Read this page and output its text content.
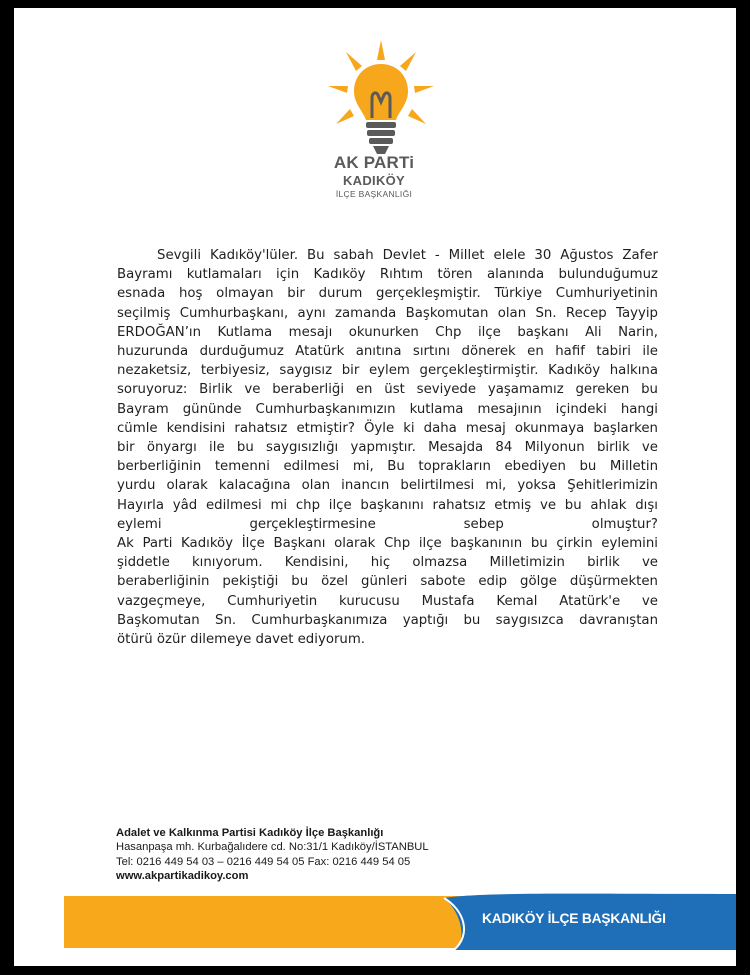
AK PARTi
KADIKÖY
İLÇE BAŞKANLIĞI
Sevgili Kadıköy'lüler. Bu sabah Devlet - Millet elele 30 Ağustos Zafer
Bayramı kutlamaları için Kadıköy Rıhtım tören alanında bulunduğumuz
esnada hoş olmayan bir durum gerçekleşmiştir. Türkiye Cumhuriyetinin
seçilmiş Cumhurbaşkanı, aynı zamanda Başkomutan olan Sn. Recep Tayyip
ERDOĞAN’ın Kutlama mesajı okunurken Chp ilçe başkanı Ali Narin,
huzurunda durduğumuz Atatürk anıtına sırtını dönerek en hafif tabiri ile
nezaketsiz, terbiyesiz, saygısız bir eylem gerçekleştirmiştir. Kadıköy halkına
soruyoruz: Birlik ve beraberliği en üst seviyede yaşamamız gereken bu
Bayram gününde Cumhurbaşkanımızın kutlama mesajının içindeki hangi
cümle kendisini rahatsız etmiştir? Öyle ki daha mesaj okunmaya başlarken
bir önyargı ile bu saygısızlığı yapmıştır. Mesajda 84 Milyonun birlik ve
berberliğinin temenni edilmesi mi, Bu toprakların ebediyen bu Milletin
yurdu olarak kalacağına olan inancın belirtilmesi mi, yoksa Şehitlerimizin
Hayırla yâd edilmesi mi chp ilçe başkanını rahatsız etmiş ve bu ahlak dışı
eylemi gerçekleştirmesine sebep olmuştur?
Ak Parti Kadıköy İlçe Başkanı olarak Chp ilçe başkanının bu çirkin eylemini
şiddetle kınıyorum. Kendisini, hiç olmazsa Milletimizin birlik ve
beraberliğinin pekiştiği bu özel günleri sabote edip gölge düşürmekten
vazgeçmeye, Cumhuriyetin kurucusu Mustafa Kemal Atatürk'e ve
Başkomutan Sn. Cumhurbaşkanımıza yaptığı bu saygısızca davranıştan
ötürü özür dilemeye davet ediyorum.
Adalet ve Kalkınma Partisi Kadıköy İlçe Başkanlığı
Hasanpaşa mh. Kurbağalıdere cd. No:31/1 Kadıköy/İSTANBUL
Tel: 0216 449 54 03 – 0216 449 54 05 Fax: 0216 449 54 05
www.akpartikadikoy.com
KADIKÖY İLÇE BAŞKANLIĞI
